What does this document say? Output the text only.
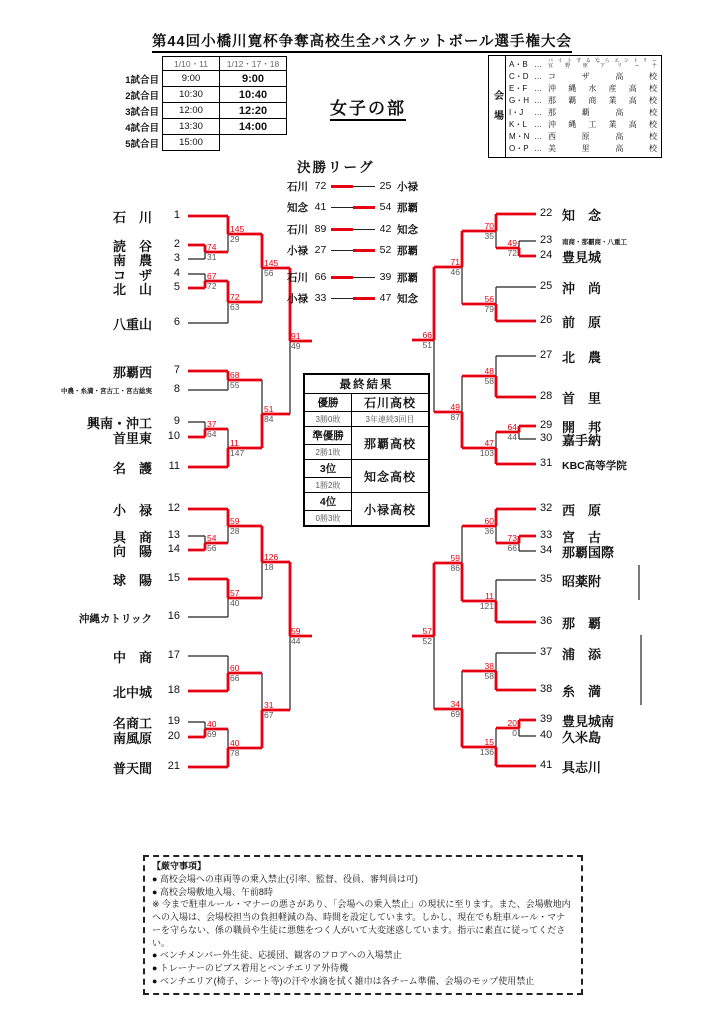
第44回小橋川寛杯争奪高校生全バスケットボール選手権大会
女子の部
決勝リーグ
	1/10・11	1/12・17・18
1試合目	9:00	9:00
2試合目	10:30	10:40
3試合目	12:00	12:20
4試合目	13:30	14:00
5試合目	15:00	
会場
A・B …	バイトするならエントリー
宜野座アリーナ
C・D … コザ高校
E・F … 沖縄水産高校
G・H … 那覇商業高校
I・J	… 那覇高校
K・L … 沖縄工業高校
M・N … 西原高校
O・P … 美里高校
石川 72	25 小禄
知念 41	54 那覇
石川 89	42 知念
小禄 27	52 那覇
石川 66	39 那覇
小禄 33	47 知念
石　川	1
読　谷	2
南　農	3
コ　ザ	4
北　山	5
八重山	6
那覇西	7
中農・糸満・宮古工・宮古総実	8
興南・沖工	9
首里東	10
名　護	11
小　禄	12
具　商	13
向　陽	14
球　陽	15
沖縄カトリック	16
中　商	17
北中城	18
名商工	19
南風原	20
普天間	21
知　念
22
南商・那覇商・八重工
23
豊見城
24
沖　尚
25
前　原
26
北　農
27
首　里
28
開　邦
29
嘉手納
30
KBC高等学院
31
西　原
32
宮　古
33
那覇国際
34
昭薬附
35
那　覇
36
浦　添
37
糸　満
38
豊見城南
39
久米島
40
具志川
41
145
29
74
31
67
72
72
63
145
56
68
55
37
64
11
147
51
84
91
49
59
28
54
56
57
40
126
18
60
66
40
69
40
78
31
67
59
44
70
35
49
72
56
79
71
46
48
58
64
44
47
103
49
87
66
51
60
36
73
66
11
121
59
86
38
58
20
0
15
136
34
69
57
52
最終結果	
優勝	石川高校
3勝0敗	3年連続3回目
準優勝	那覇高校
2勝1敗	
3位	知念高校
1勝2敗	
4位	小禄高校
0勝3敗	
【厳守事項】
● 高校会場への車両等の乗入禁止(引率、監督、役員、審判員は可)
● 高校会場敷地入場、午前8時
※ 今まで駐車ルール・マナーの悪さがあり、「会場への乗入禁止」の現状に至ります。また、会場敷地内への入場は、会場校担当の負担軽減の為、時間を設定しています。しかし、現在でも駐車ルール・マナーを守らない、係の職員や生徒に悪態をつく人がいて大変迷惑しています。指示に素直に従ってください。
● ベンチメンバー外生徒、応援団、観客のフロアへの入場禁止
● トレーナーのビブス着用とベンチエリア外待機
● ベンチエリア(椅子、シート等)の汗や水滴を拭く雑巾は各チーム準備、会場のモップ使用禁止
